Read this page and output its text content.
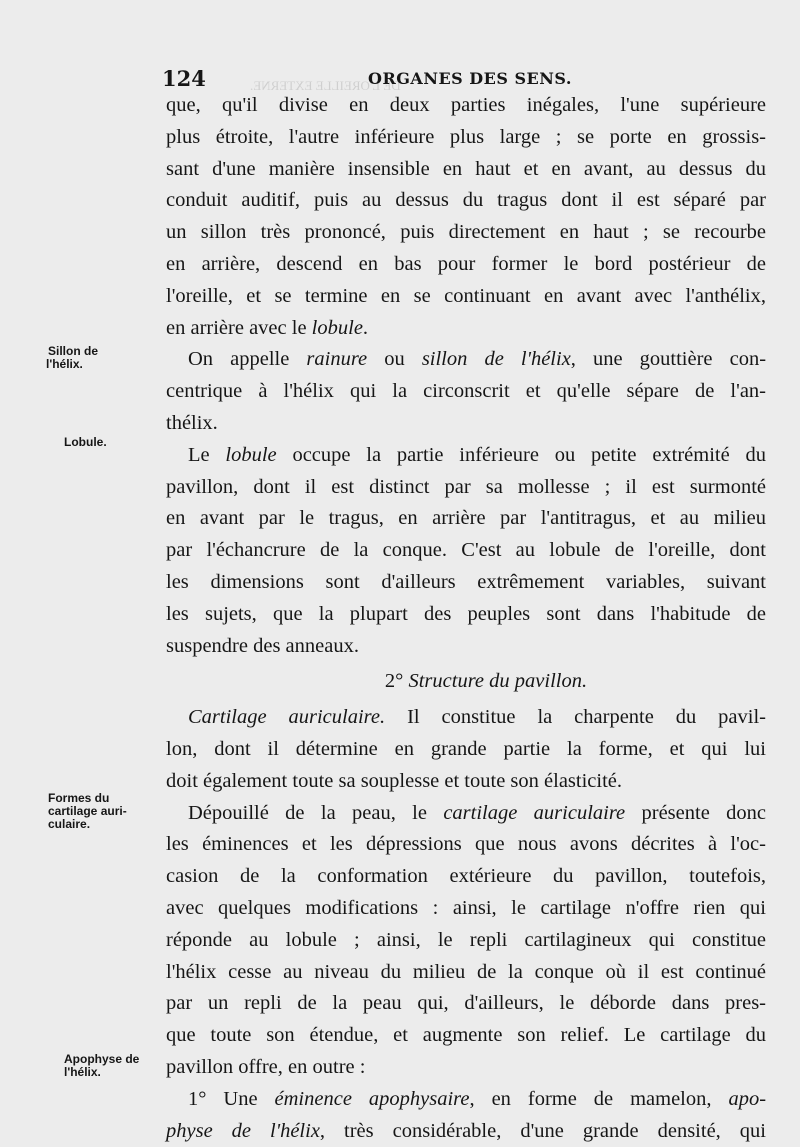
DE L'OREILLE EXTERNE.
124	ORGANES DES SENS.
Sillon de
l'hélix.
Lobule.
Formes du
cartilage auri-
culaire.
Apophyse de
l'hélix.
que, qu'il divise en deux parties inégales, l'une supérieure
plus étroite, l'autre inférieure plus large ; se porte en grossis-
sant d'une manière insensible en haut et en avant, au dessus du
conduit auditif, puis au dessus du tragus dont il est séparé par
un sillon très prononcé, puis directement en haut ; se recourbe
en arrière, descend en bas pour former le bord postérieur de
l'oreille, et se termine en se continuant en avant avec l'anthélix,
en arrière avec le lobule.
On appelle rainure ou sillon de l'hélix, une gouttière con-
centrique à l'hélix qui la circonscrit et qu'elle sépare de l'an-
thélix.
Le lobule occupe la partie inférieure ou petite extrémité du
pavillon, dont il est distinct par sa mollesse ; il est surmonté
en avant par le tragus, en arrière par l'antitragus, et au milieu
par l'échancrure de la conque. C'est au lobule de l'oreille, dont
les dimensions sont d'ailleurs extrêmement variables, suivant
les sujets, que la plupart des peuples sont dans l'habitude de
suspendre des anneaux.
2° Structure du pavillon.
Cartilage auriculaire. Il constitue la charpente du pavil-
lon, dont il détermine en grande partie la forme, et qui lui
doit également toute sa souplesse et toute son élasticité.
Dépouillé de la peau, le cartilage auriculaire présente donc
les éminences et les dépressions que nous avons décrites à l'oc-
casion de la conformation extérieure du pavillon, toutefois,
avec quelques modifications : ainsi, le cartilage n'offre rien qui
réponde au lobule ; ainsi, le repli cartilagineux qui constitue
l'hélix cesse au niveau du milieu de la conque où il est continué
par un repli de la peau qui, d'ailleurs, le déborde dans pres-
que toute son étendue, et augmente son relief. Le cartilage du
pavillon offre, en outre :
1° Une éminence apophysaire, en forme de mamelon, apo-
physe de l'hélix, très considérable, d'une grande densité, qui
